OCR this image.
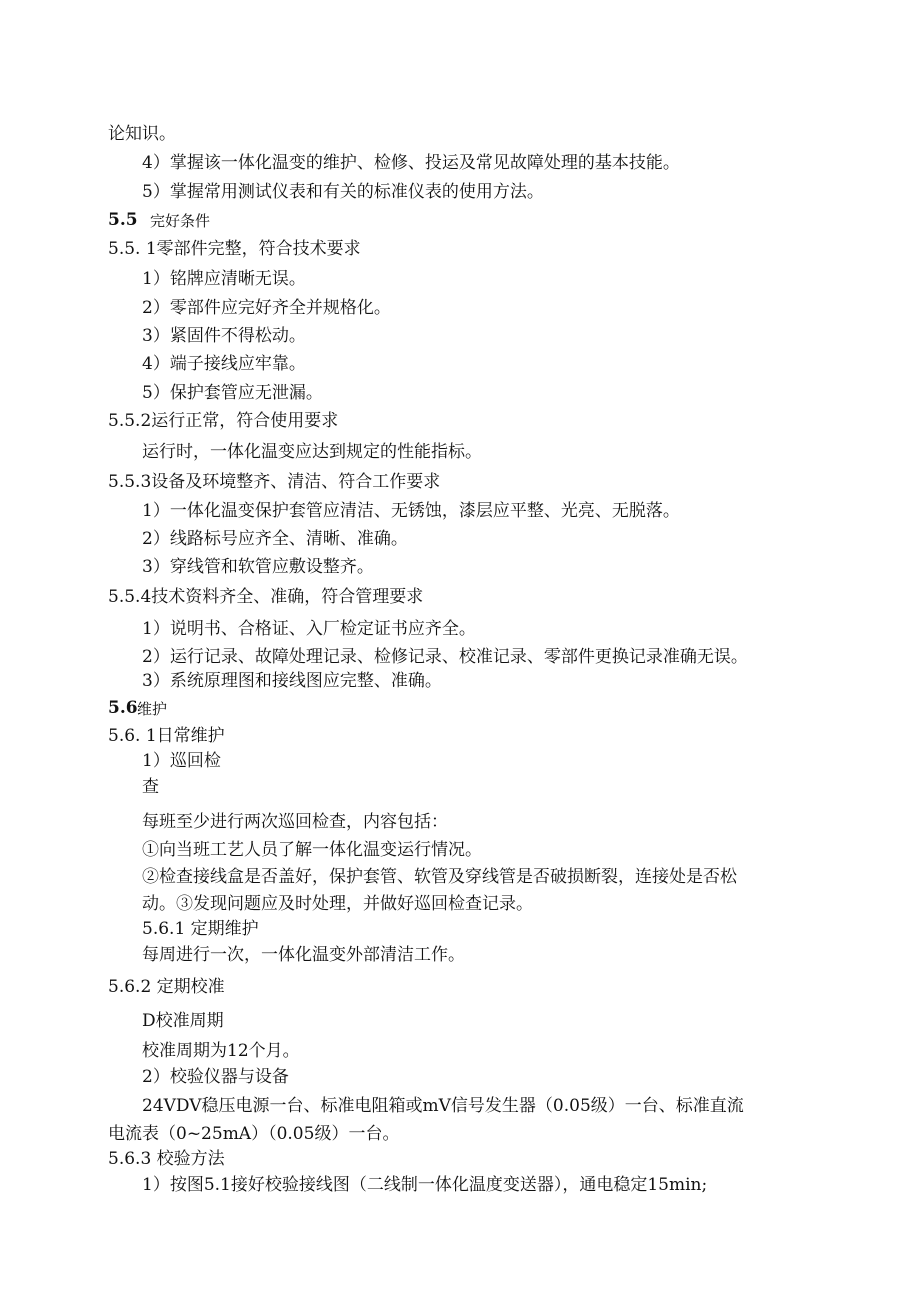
论知识。
4）掌握该一体化温变的维护、检修、投运及常见故障处理的基本技能。
5）掌握常用测试仪表和有关的标准仪表的使用方法。
5.5 完好条件
5.5. 1零部件完整，符合技术要求
1）铭牌应清晰无误。
2）零部件应完好齐全并规格化。
3）紧固件不得松动。
4）端子接线应牢靠。
5）保护套管应无泄漏。
5.5.2运行正常，符合使用要求
运行时，一体化温变应达到规定的性能指标。
5.5.3设备及环境整齐、清洁、符合工作要求
1）一体化温变保护套管应清洁、无锈蚀，漆层应平整、光亮、无脱落。
2）线路标号应齐全、清晰、准确。
3）穿线管和软管应敷设整齐。
5.5.4技术资料齐全、准确，符合管理要求
1）说明书、合格证、入厂检定证书应齐全。
2）运行记录、故障处理记录、检修记录、校准记录、零部件更换记录准确无误。
3）系统原理图和接线图应完整、准确。
5.6 维护
5.6. 1日常维护
1）巡回检
查
每班至少进行两次巡回检查，内容包括：
①向当班工艺人员了解一体化温变运行情况。
②检查接线盒是否盖好，保护套管、软管及穿线管是否破损断裂，连接处是否松
动。③发现问题应及时处理，并做好巡回检查记录。
5.6.1 定期维护
每周进行一次，一体化温变外部清洁工作。
5.6.2 定期校准
D校准周期
校准周期为12个月。
2）校验仪器与设备
24VDV稳压电源一台、标准电阻箱或mV信号发生器（0.05级）一台、标准直流
电流表（0~25mA）（0.05级）一台。
5.6.3 校验方法
1）按图5.1接好校验接线图（二线制一体化温度变送器），通电稳定15min;
